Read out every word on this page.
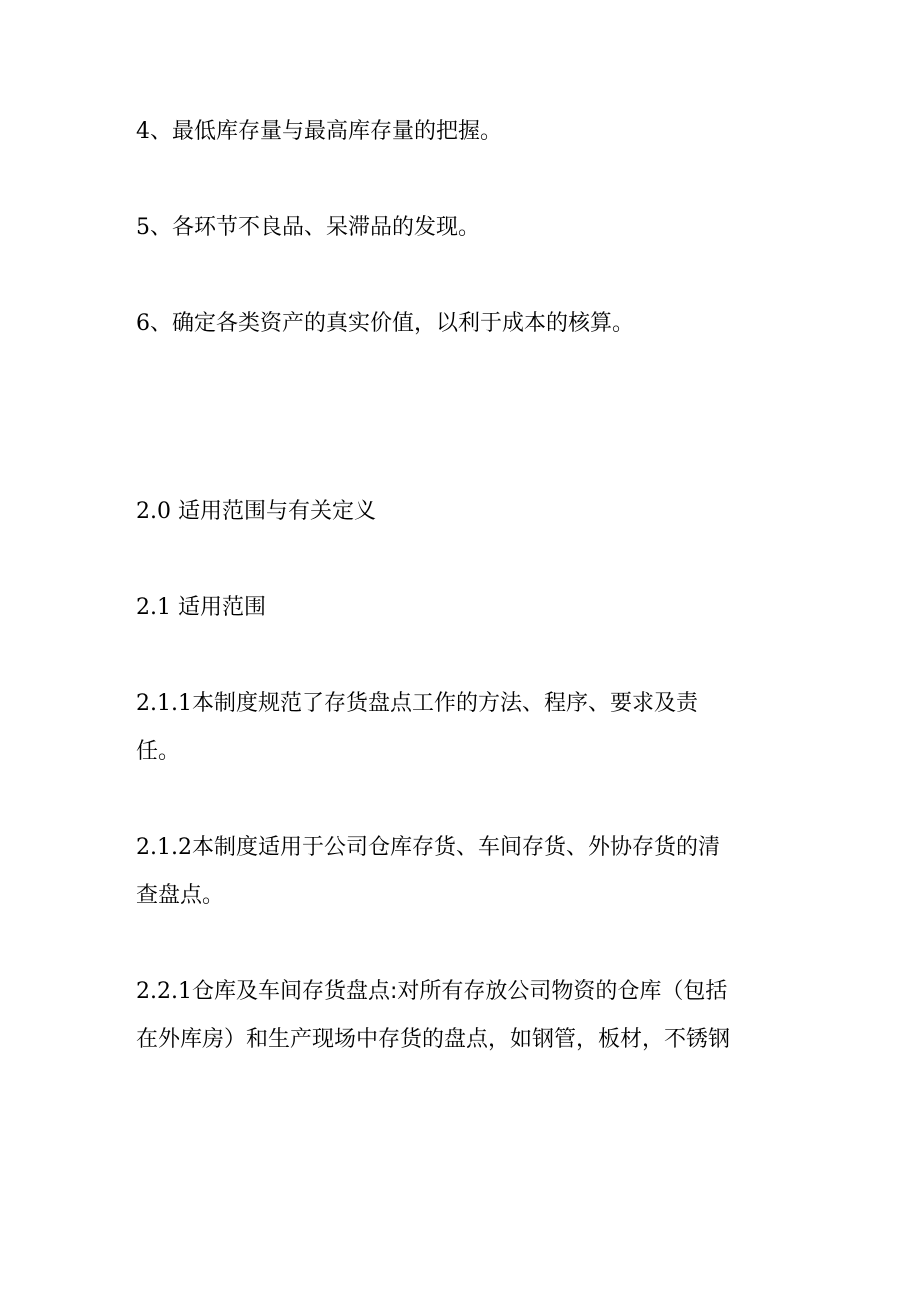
4、最低库存量与最高库存量的把握。
5、各环节不良品、呆滞品的发现。
6、确定各类资产的真实价值，以利于成本的核算。
2.0 适用范围与有关定义
2.1 适用范围
2.1.1本制度规范了存货盘点工作的方法、程序、要求及责
任。
2.1.2本制度适用于公司仓库存货、车间存货、外协存货的清
查盘点。
2.2.1仓库及车间存货盘点:对所有存放公司物资的仓库（包括
在外库房）和生产现场中存货的盘点，如钢管，板材，不锈钢
